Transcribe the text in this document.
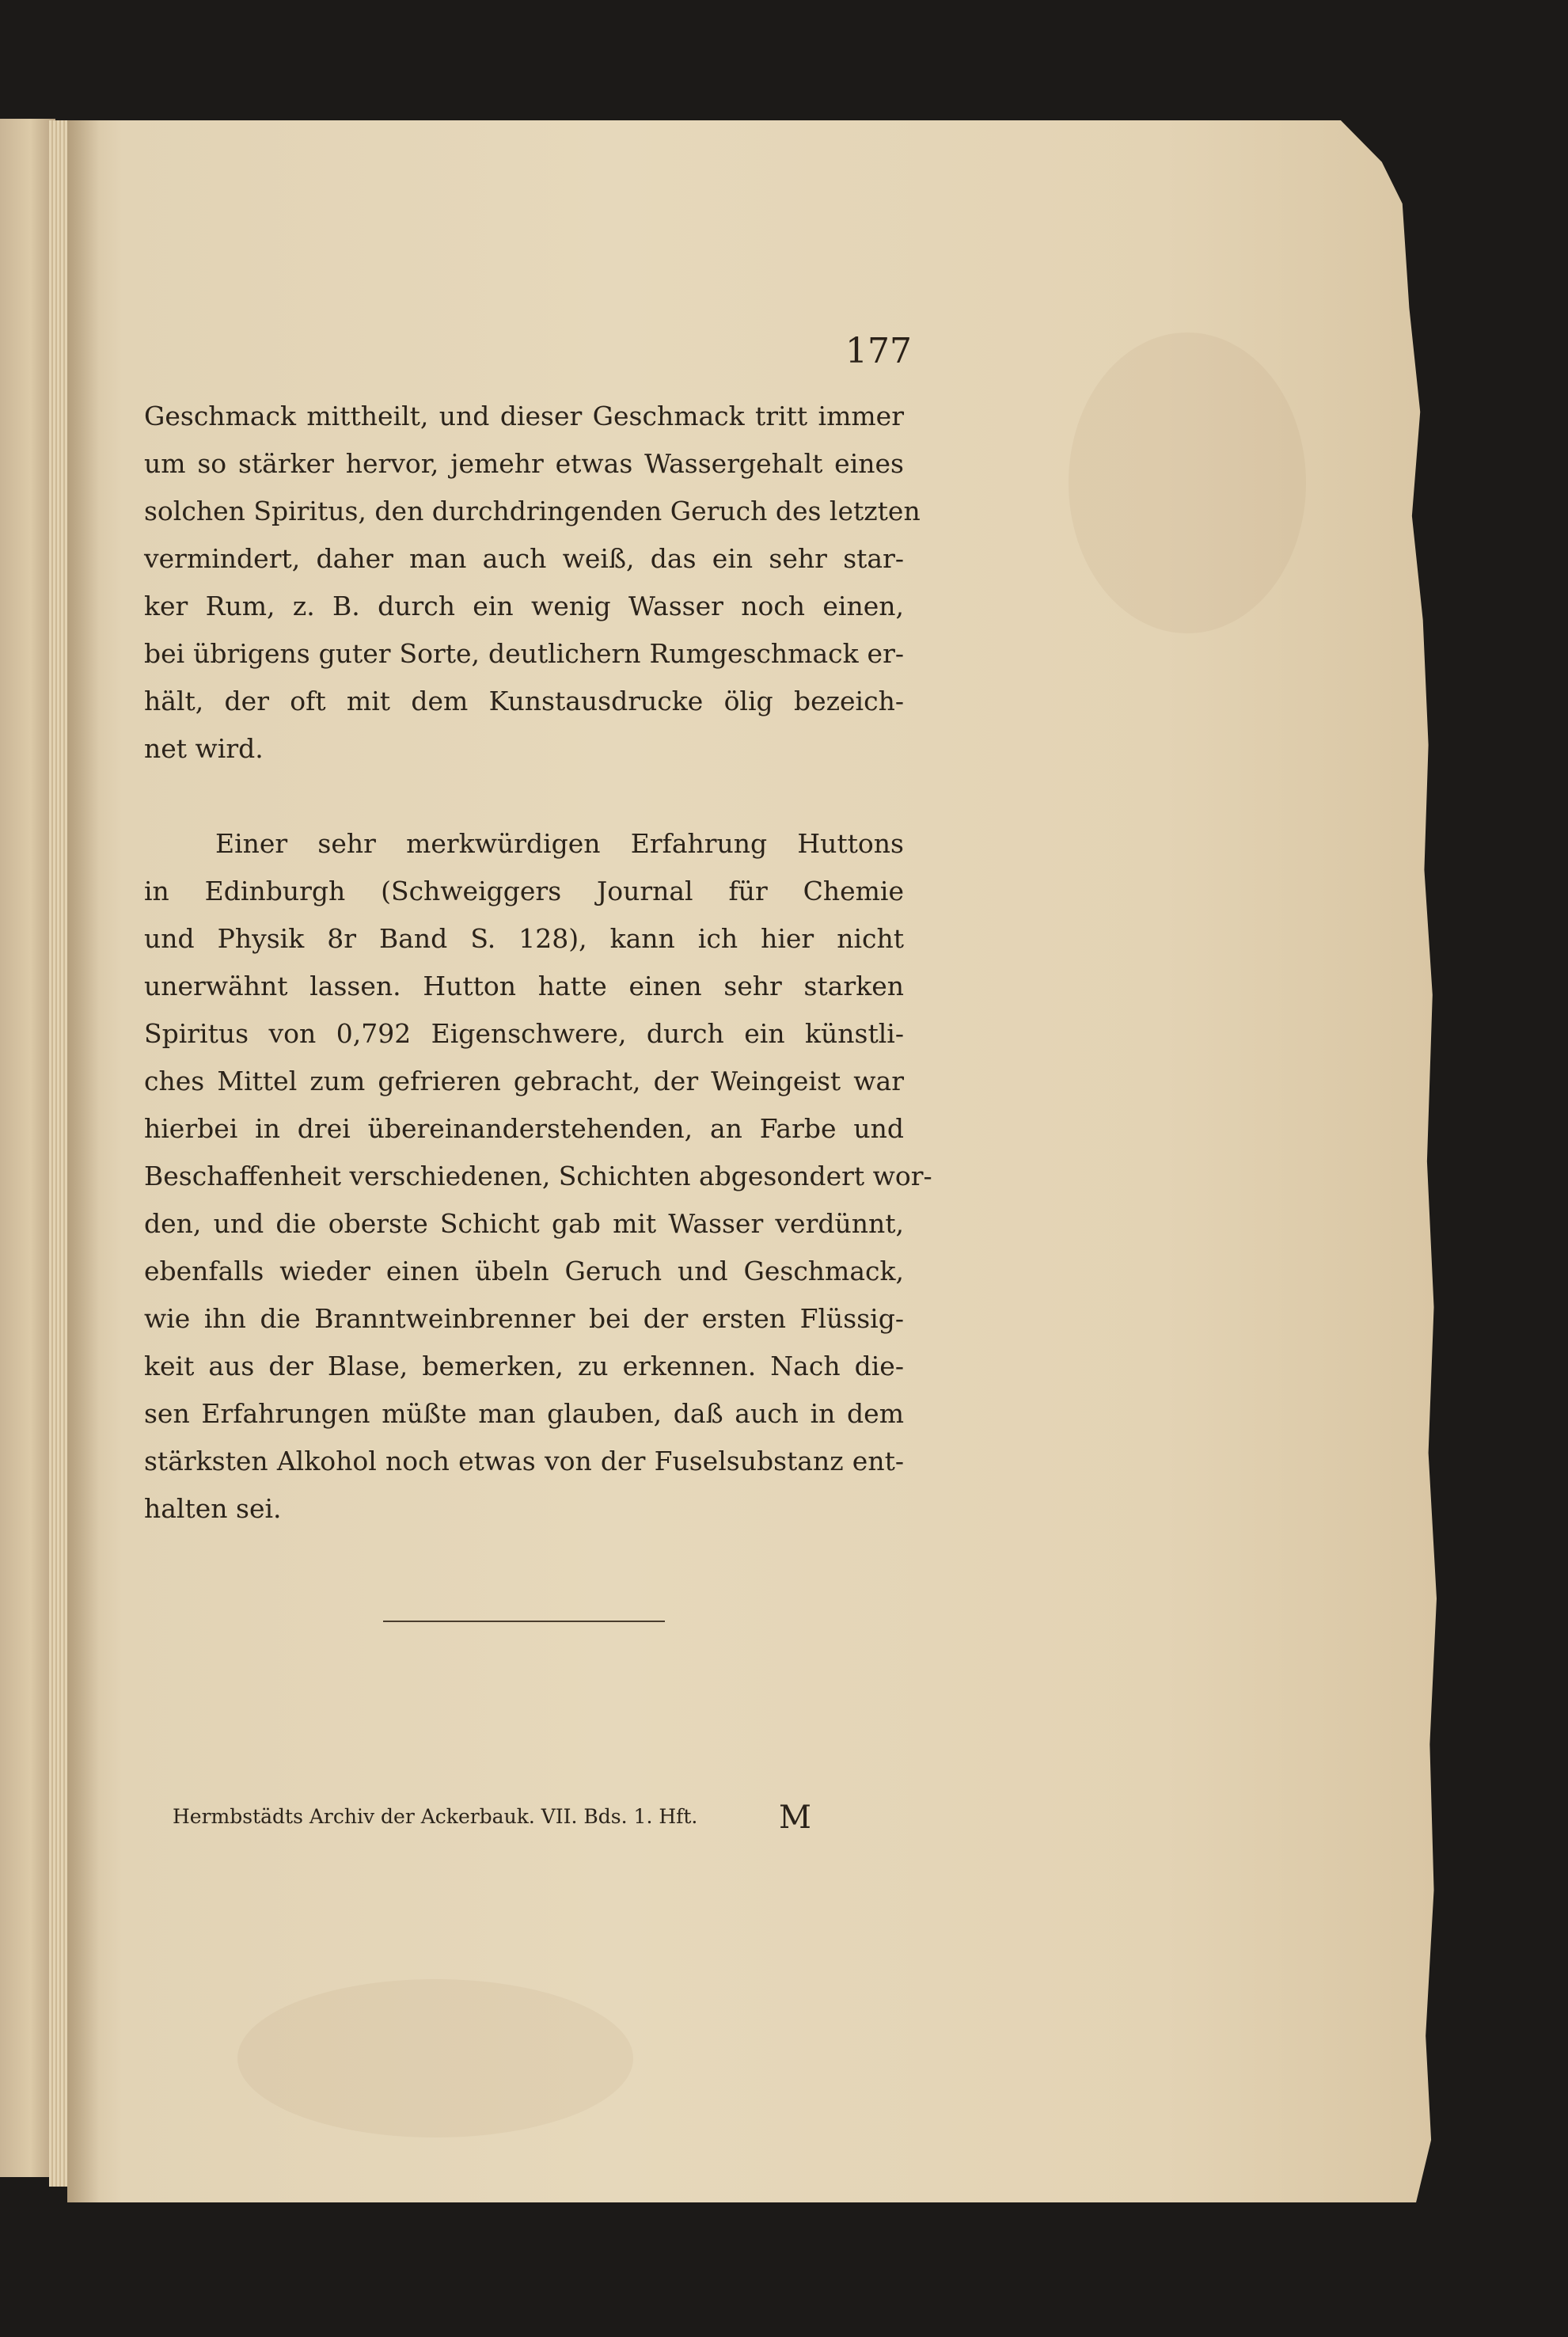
177
Geschmack mittheilt, und dieser Geschmack tritt immer
um so stärker hervor, jemehr etwas Wassergehalt eines
solchen Spiritus, den durchdringenden Geruch des letzten
vermindert, daher man auch weiß, das ein sehr star-
ker Rum, z. B. durch ein wenig Wasser noch einen,
bei übrigens guter Sorte, deutlichern Rumgeschmack er-
hält, der oft mit dem Kunstausdrucke ölig bezeich-
net wird.
Einer sehr merkwürdigen Erfahrung Huttons
in Edinburgh (Schweiggers Journal für Chemie
und Physik 8r Band S. 128), kann ich hier nicht
unerwähnt lassen. Hutton hatte einen sehr starken
Spiritus von 0,792 Eigenschwere, durch ein künstli-
ches Mittel zum gefrieren gebracht, der Weingeist war
hierbei in drei übereinanderstehenden, an Farbe und
Beschaffenheit verschiedenen, Schichten abgesondert wor-
den, und die oberste Schicht gab mit Wasser verdünnt,
ebenfalls wieder einen übeln Geruch und Geschmack,
wie ihn die Branntweinbrenner bei der ersten Flüssig-
keit aus der Blase, bemerken, zu erkennen. Nach die-
sen Erfahrungen müßte man glauben, daß auch in dem
stärksten Alkohol noch etwas von der Fuselsubstanz ent-
halten sei.
Hermbstädts Archiv der Ackerbauk. VII. Bds. 1. Hft.	M
